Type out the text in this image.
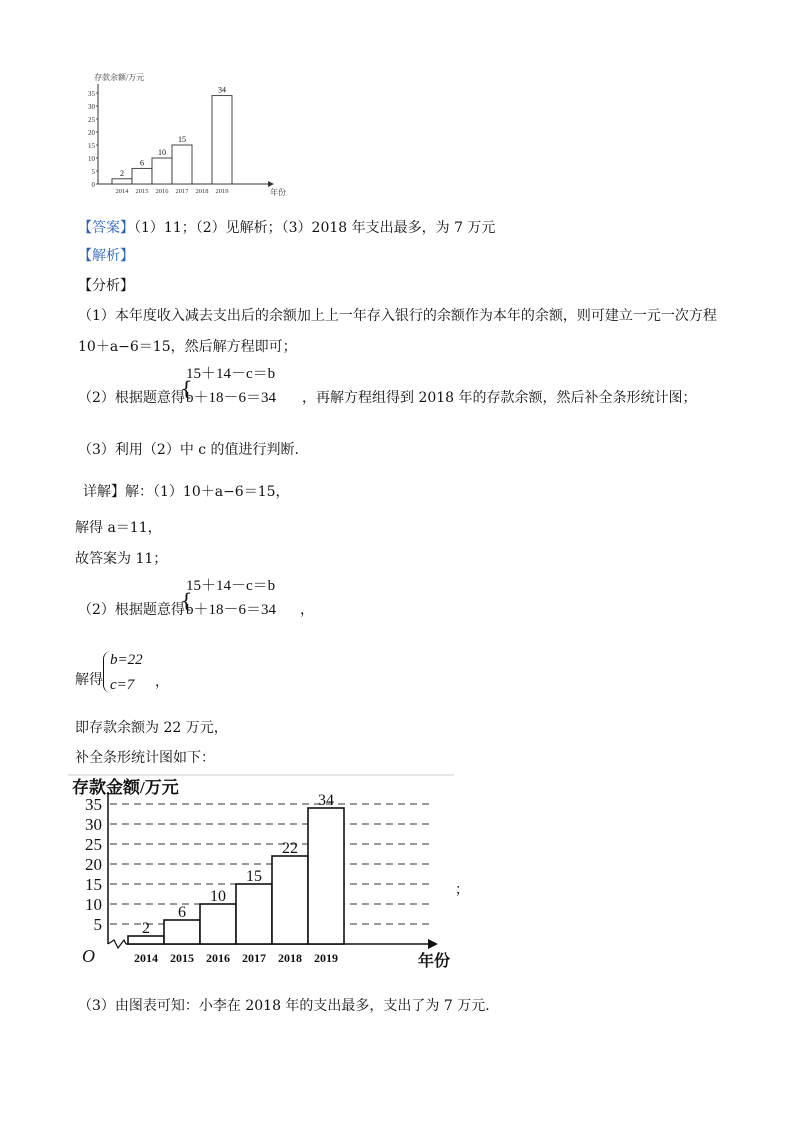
存款余额/万元
年份
35
30
25
20
15
10
5
0
2
2014
6
2015
10
2016
15
2017 2018
34
2019
【答案】（1）11；（2）见解析；（3）2018 年支出最多，为 7 万元
【解析】
【分析】
（1）本年度收入减去支出后的余额加上上一年存入银行的余额作为本年的余额，则可建立一元一次方程
10＋a−6＝15，然后解方程即可；
（2）根据题意得
{
15＋14－c＝b
b＋18－6＝34 ，再解方程组得到 2018 年的存款余额，然后补全条形统计图；
（3）利用（2）中 c 的值进行判断.
详解】解：（1）10＋a−6＝15，
解得 a＝11，
故答案为 11；
（2）根据题意得
{
15＋14－c＝b
b＋18－6＝34 ，
解得
b=22
c=7 ，
即存款余额为 22 万元，
补全条形统计图如下：
存款金额/万元
O	年份
35
30
25
20
15
10
5	2
2014
6
2015
10
2016
15
2017
22
2018
34
2019
；
（3）由图表可知：小李在 2018 年的支出最多，支出了为 7 万元.
